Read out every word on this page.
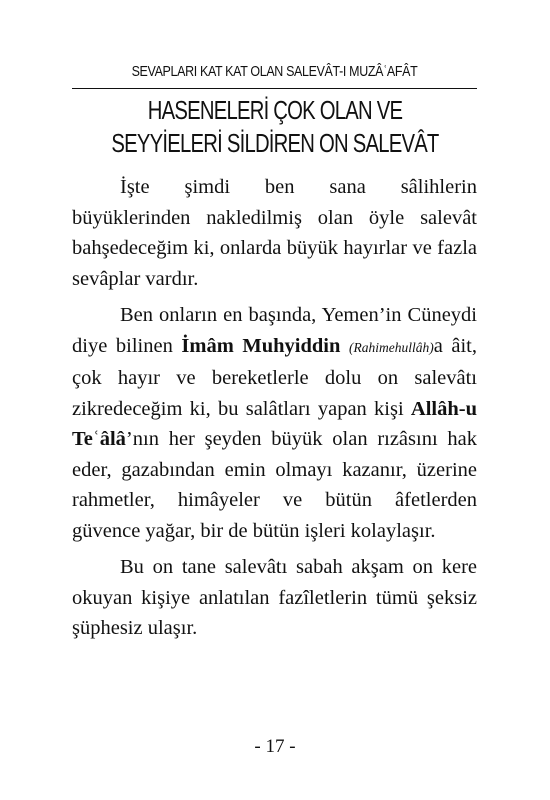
SEVAPLARI KAT KAT OLAN SALEVÂT-I MUZÂʿAFÂT
HASENELERİ ÇOK OLAN VE
SEYYİELERİ SİLDİREN ON SALEVÂT

İşte şimdi ben sana sâlihlerin büyüklerinden nakledilmiş olan öyle salevât bahşedeceğim ki, onlarda büyük hayırlar ve fazla sevâplar vardır.

Ben onların en başında, Yemen’in Cüneydi diye bilinen İmâm Muhyiddin (Rahimehullâh)a âit, çok hayır ve bereketlerle dolu on salevâtı zikredeceğim ki, bu salâtları yapan kişi Allâh-u Teʿâlâ’nın her şeyden büyük olan rızâsını hak eder, gazabından emin olmayı kazanır, üzerine rahmetler, himâyeler ve bütün âfetlerden güvence yağar, bir de bütün işleri kolaylaşır.

Bu on tane salevâtı sabah akşam on kere okuyan kişiye anlatılan fazîletlerin tümü şeksiz şüphesiz ulaşır.

- 17 -
